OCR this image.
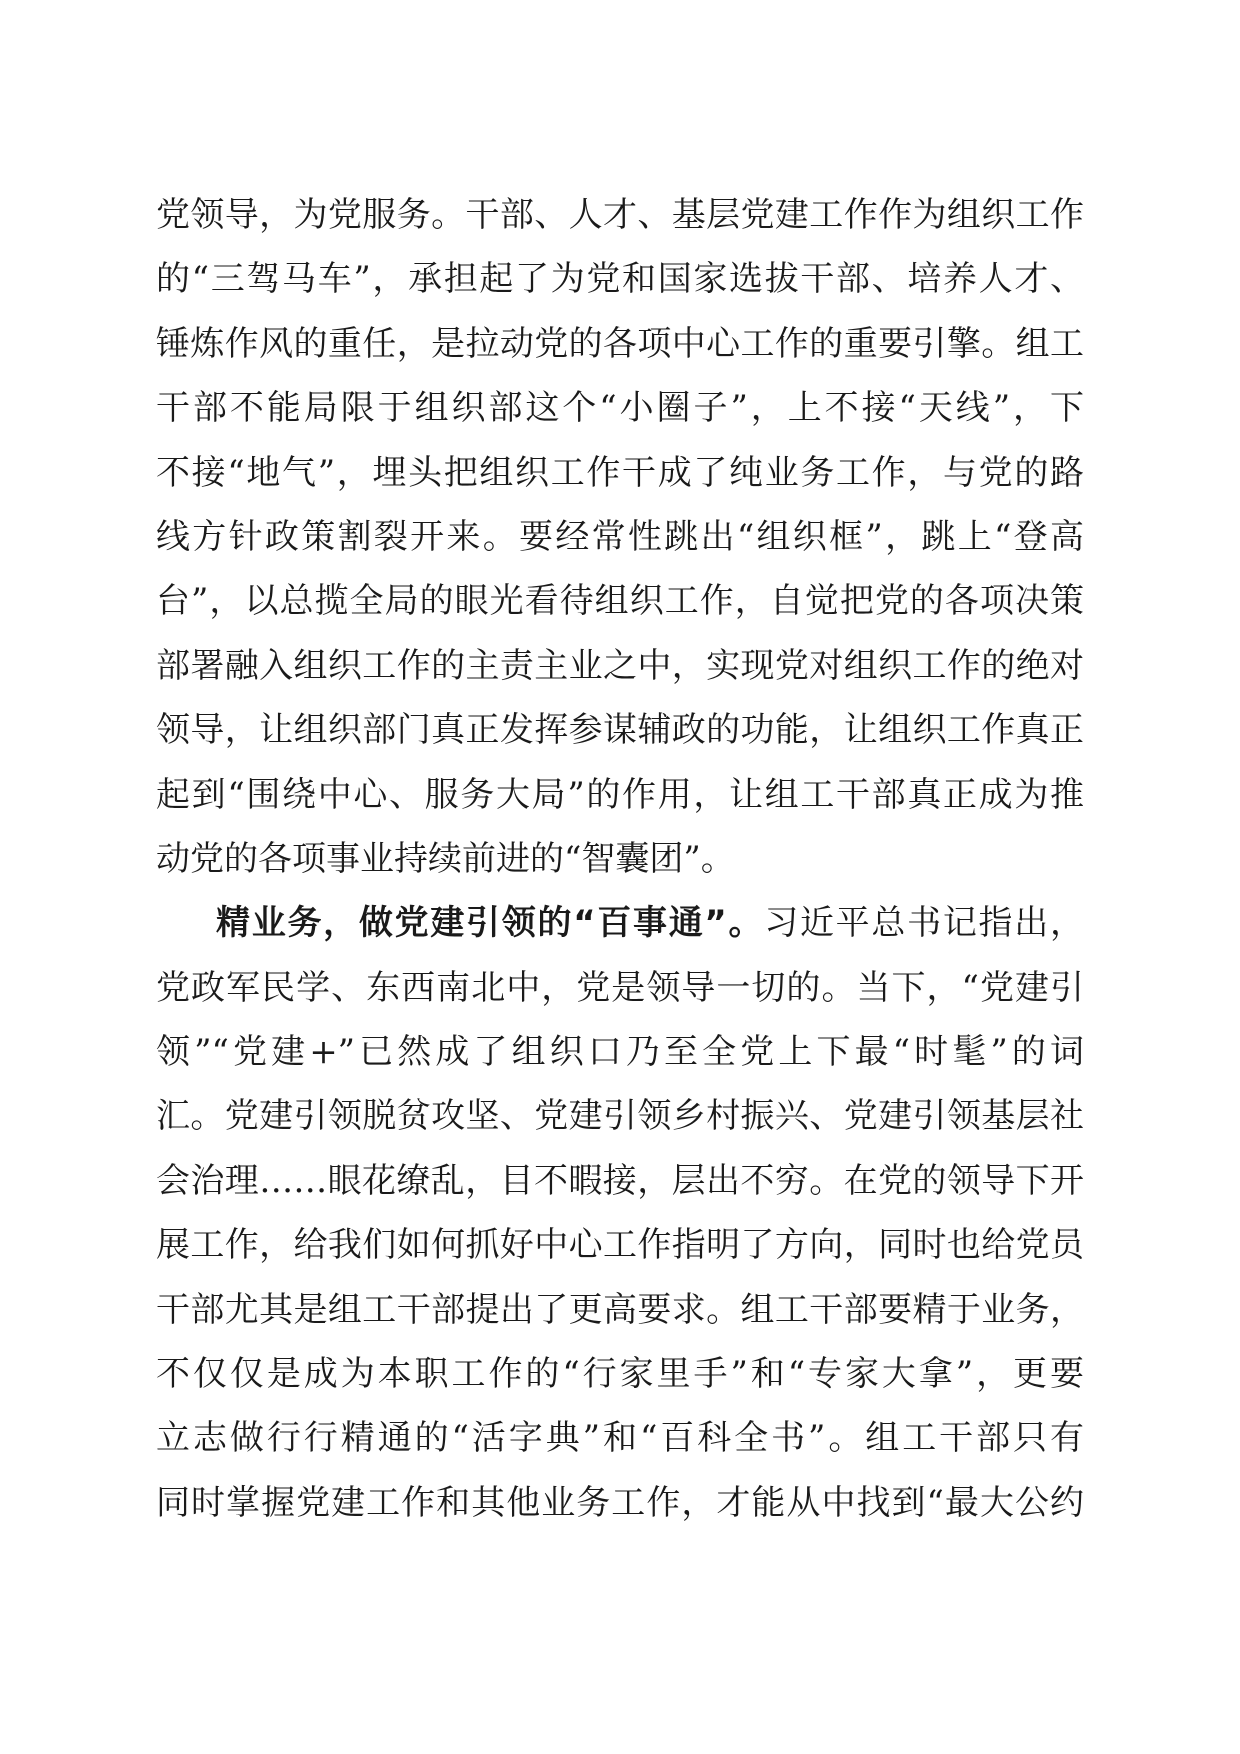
党领导，为党服务。干部、人才、基层党建工作作为组织工作
的“三驾马车”，承担起了为党和国家选拔干部、培养人才、
锤炼作风的重任，是拉动党的各项中心工作的重要引擎。组工
干部不能局限于组织部这个“小圈子”，上不接“天线”，下
不接“地气”，埋头把组织工作干成了纯业务工作，与党的路
线方针政策割裂开来。要经常性跳出“组织框”，跳上“登高
台”，以总揽全局的眼光看待组织工作，自觉把党的各项决策
部署融入组织工作的主责主业之中，实现党对组织工作的绝对
领导，让组织部门真正发挥参谋辅政的功能，让组织工作真正
起到“围绕中心、服务大局”的作用，让组工干部真正成为推
动党的各项事业持续前进的“智囊团”。
精业务，做党建引领的“百事通”。习近平总书记指出，
党政军民学、东西南北中，党是领导一切的。当下，“党建引
领”“党建+”已然成了组织口乃至全党上下最“时髦”的词
汇。党建引领脱贫攻坚、党建引领乡村振兴、党建引领基层社
会治理……眼花缭乱，目不暇接，层出不穷。在党的领导下开
展工作，给我们如何抓好中心工作指明了方向，同时也给党员
干部尤其是组工干部提出了更高要求。组工干部要精于业务，
不仅仅是成为本职工作的“行家里手”和“专家大拿”，更要
立志做行行精通的“活字典”和“百科全书”。组工干部只有
同时掌握党建工作和其他业务工作，才能从中找到“最大公约
